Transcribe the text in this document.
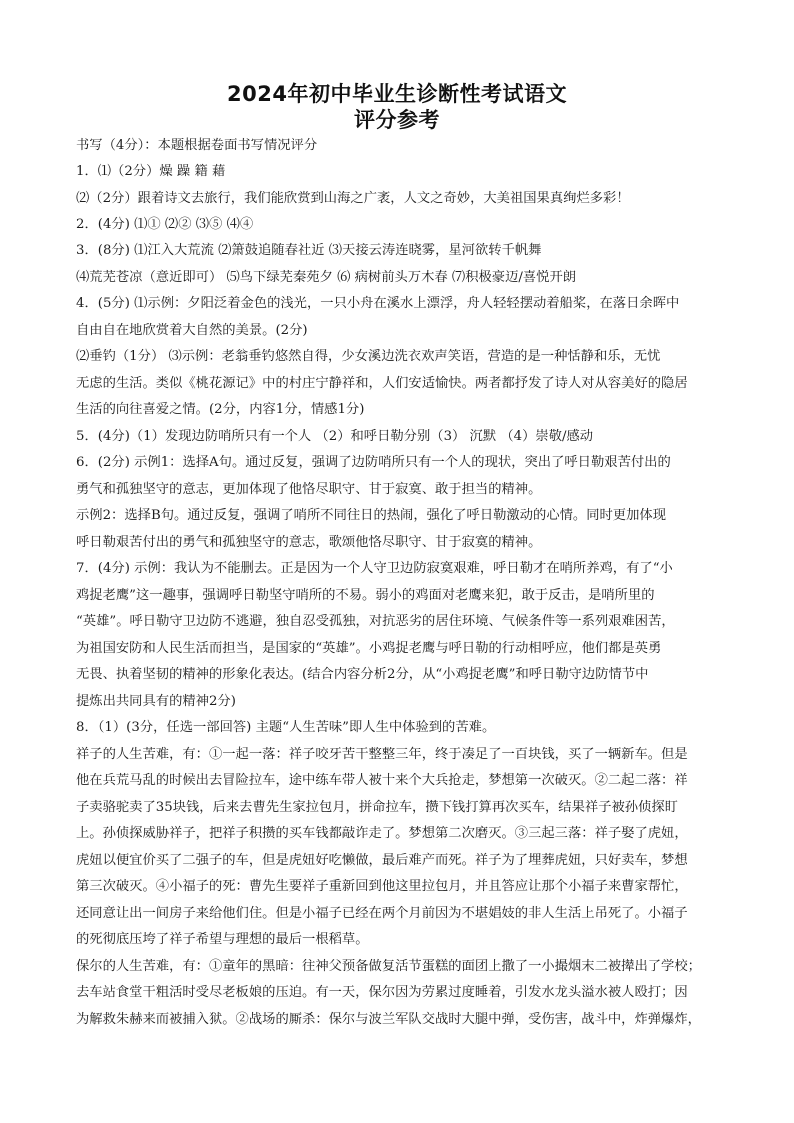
2024年初中毕业生诊断性考试语文
评分参考
书写（4分）：本题根据卷面书写情况评分
1．⑴（2分）燥 躁 籍 藉
⑵（2分）跟着诗文去旅行，我们能欣赏到山海之广袤，人文之奇妙，大美祖国果真绚烂多彩！
2．(4分) ⑴① ⑵② ⑶⑤ ⑷④
3．(8分) ⑴江入大荒流 ⑵箫鼓追随春社近 ⑶天接云涛连晓雾，星河欲转千帆舞
⑷荒芜苍凉（意近即可） ⑸鸟下绿芜秦苑夕 ⑹ 病树前头万木春 ⑺积极豪迈/喜悦开朗
4．(5分) ⑴示例：夕阳泛着金色的浅光，一只小舟在溪水上漂浮，舟人轻轻摆动着船桨，在落日余晖中
自由自在地欣赏着大自然的美景。(2分)
⑵垂钓（1分） ⑶示例：老翁垂钓悠然自得，少女溪边洗衣欢声笑语，营造的是一种恬静和乐，无忧
无虑的生活。类似《桃花源记》中的村庄宁静祥和，人们安适愉快。两者都抒发了诗人对从容美好的隐居
生活的向往喜爱之情。(2分，内容1分，情感1分)
5．(4分)（1）发现边防哨所只有一个人 （2）和呼日勒分别（3） 沉默 （4）崇敬/感动
6．(2分) 示例1：选择A句。通过反复，强调了边防哨所只有一个人的现状，突出了呼日勒艰苦付出的
勇气和孤独坚守的意志，更加体现了他恪尽职守、甘于寂寞、敢于担当的精神。
示例2：选择B句。通过反复，强调了哨所不同往日的热闹，强化了呼日勒激动的心情。同时更加体现
呼日勒艰苦付出的勇气和孤独坚守的意志，歌颂他恪尽职守、甘于寂寞的精神。
7．(4分) 示例：我认为不能删去。正是因为一个人守卫边防寂寞艰难，呼日勒才在哨所养鸡，有了“小
鸡捉老鹰”这一趣事，强调呼日勒坚守哨所的不易。弱小的鸡面对老鹰来犯，敢于反击，是哨所里的
“英雄”。呼日勒守卫边防不逃避，独自忍受孤独，对抗恶劣的居住环境、气候条件等一系列艰难困苦，
为祖国安防和人民生活而担当，是国家的“英雄”。小鸡捉老鹰与呼日勒的行动相呼应，他们都是英勇
无畏、执着坚韧的精神的形象化表达。(结合内容分析2分，从“小鸡捉老鹰”和呼日勒守边防情节中
提炼出共同具有的精神2分)
8．（1）(3分，任选一部回答) 主题“人生苦味”即人生中体验到的苦难。
祥子的人生苦难，有：①一起一落：祥子咬牙苦干整整三年，终于凑足了一百块钱，买了一辆新车。但是
他在兵荒马乱的时候出去冒险拉车，途中练车带人被十来个大兵抢走，梦想第一次破灭。②二起二落：祥
子卖骆驼卖了35块钱，后来去曹先生家拉包月，拼命拉车，攒下钱打算再次买车，结果祥子被孙侦探盯
上。孙侦探威胁祥子，把祥子积攒的买车钱都敲诈走了。梦想第二次磨灭。③三起三落：祥子娶了虎妞，
虎妞以便宜价买了二强子的车，但是虎妞好吃懒做，最后难产而死。祥子为了埋葬虎妞，只好卖车，梦想
第三次破灭。④小福子的死：曹先生要祥子重新回到他这里拉包月，并且答应让那个小福子来曹家帮忙，
还同意让出一间房子来给他们住。但是小福子已经在两个月前因为不堪娼妓的非人生活上吊死了。小福子
的死彻底压垮了祥子希望与理想的最后一根稻草。
保尔的人生苦难，有：①童年的黑暗：往神父预备做复活节蛋糕的面团上撒了一小撮烟末二被撵出了学校；
去车站食堂干粗活时受尽老板娘的压迫。有一天，保尔因为劳累过度睡着，引发水龙头溢水被人殴打；因
为解救朱赫来而被捕入狱。②战场的厮杀：保尔与波兰军队交战时大腿中弹，受伤害，战斗中，炸弹爆炸，
